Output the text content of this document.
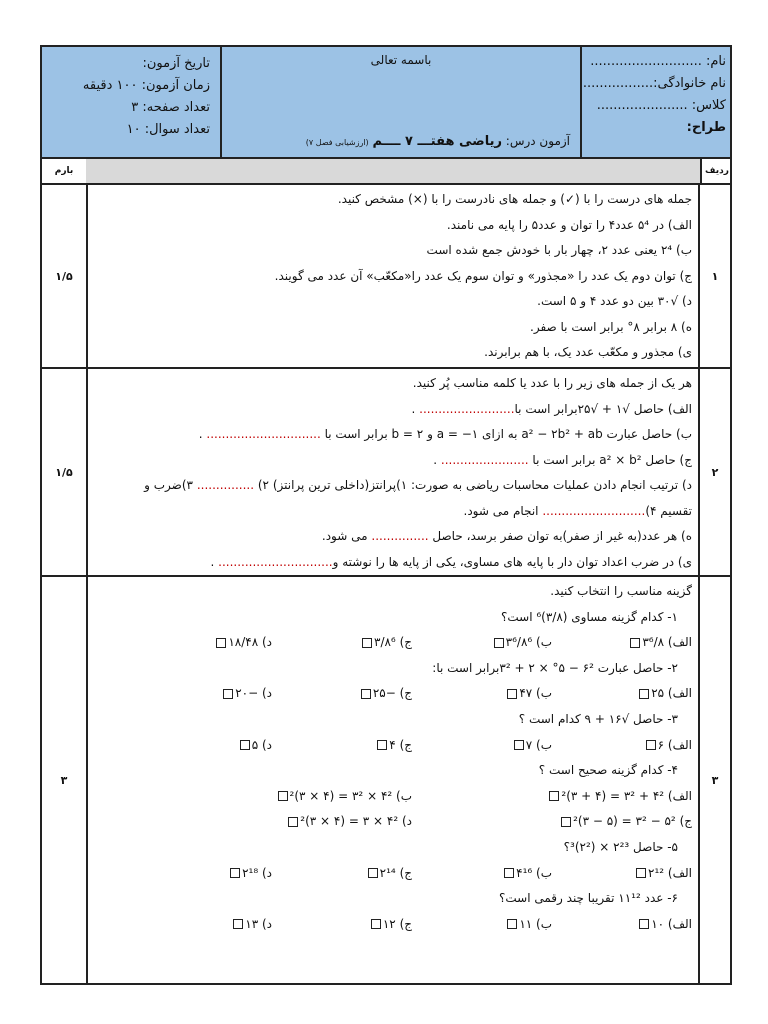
نام: ...........................
نام خانوادگی:..................
کلاس: ......................
طراح:
باسمه تعالی
آزمون درس: ریاضی هفتـــ ۷ ــــم (ارزشیابی فصل ۷)
تاریخ آزمون:
زمان آزمون: ۱۰۰ دقیقه
تعداد صفحه: ۳
تعداد سوال: ۱۰
بارم	ردیف
۱/۵
جمله های درست را با (✓) و جمله های نادرست را با (×) مشخص کنید.
الف) در ۵⁴ عدد۴ را توان و عدد۵ را پایه می نامند.
ب) ۲⁴ یعنی عدد ۲، چهار بار با خودش جمع شده است
ج) توان دوم یک عدد را «مجذور» و توان سوم یک عدد را«مکعّب» آن عدد می گویند.
د) √۳۰ بین دو عدد ۴ و ۵ است.
ه) ۸ برابر ۸° برابر است با صفر.
ی) مجذور و مکعّب عدد یک، با هم برابرند.
۱
۱/۵
هر یک از جمله های زیر را با عدد یا کلمه مناسب پُر کنید.
الف) حاصل √۱ + √۲۵برابر است با......................... .
ب) حاصل عبارت a² − ۲b² + ab به ازای a = −۱ و b = ۲ برابر است با .............................. .
ج) حاصل a² × b² برابر است با ....................... .
د) ترتیب انجام دادن عملیات محاسبات ریاضی به صورت: ۱)پرانتز(داخلی ترین پرانتز) ۲) ............... ۳)ضرب و
تقسیم ۴)........................... انجام می شود.
ه) هر عدد(به غیر از صفر)به توان صفر برسد، حاصل ............... می شود.
ی) در ضرب اعداد توان دار با پایه های مساوی، یکی از پایه ها را نوشته و.............................. .
۲
۳
گزینه مناسب را انتخاب کنید.
۱- کدام گزینه مساوی (۳/۸)⁶ است؟
الف) ۳⁶/۸
ب) ۳⁶/۸⁶
ج) ۳/۸⁶
د) ۱۸/۴۸
۲- حاصل عبارت ۶² − ۵° × ۲ + ۳²برابر است با:
الف) ۲۵
ب) ۴۷
ج) −۲۵
د) −۲۰
۳- حاصل √۱۶ + ۹ کدام است ؟
الف) ۶
ب) ۷
ج) ۴
د) ۵
۴- کدام گزینه صحیح است ؟
الف) ۴² + ۳² = (۴ + ۳)²
ب) ۴² × ۳² = (۴ × ۳)²
ج) ۵² − ۳² = (۵ − ۳)²
د) ۴² × ۳ = (۴ × ۳)²
۵- حاصل ۲²³ × (۲²)³؟
الف) ۲¹²
ب) ۴¹⁶
ج) ۲¹⁴
د) ۲¹⁸
۶- عدد ۱۱¹² تقریبا چند رقمی است؟
الف) ۱۰
ب) ۱۱
ج) ۱۲
د) ۱۳
۳
